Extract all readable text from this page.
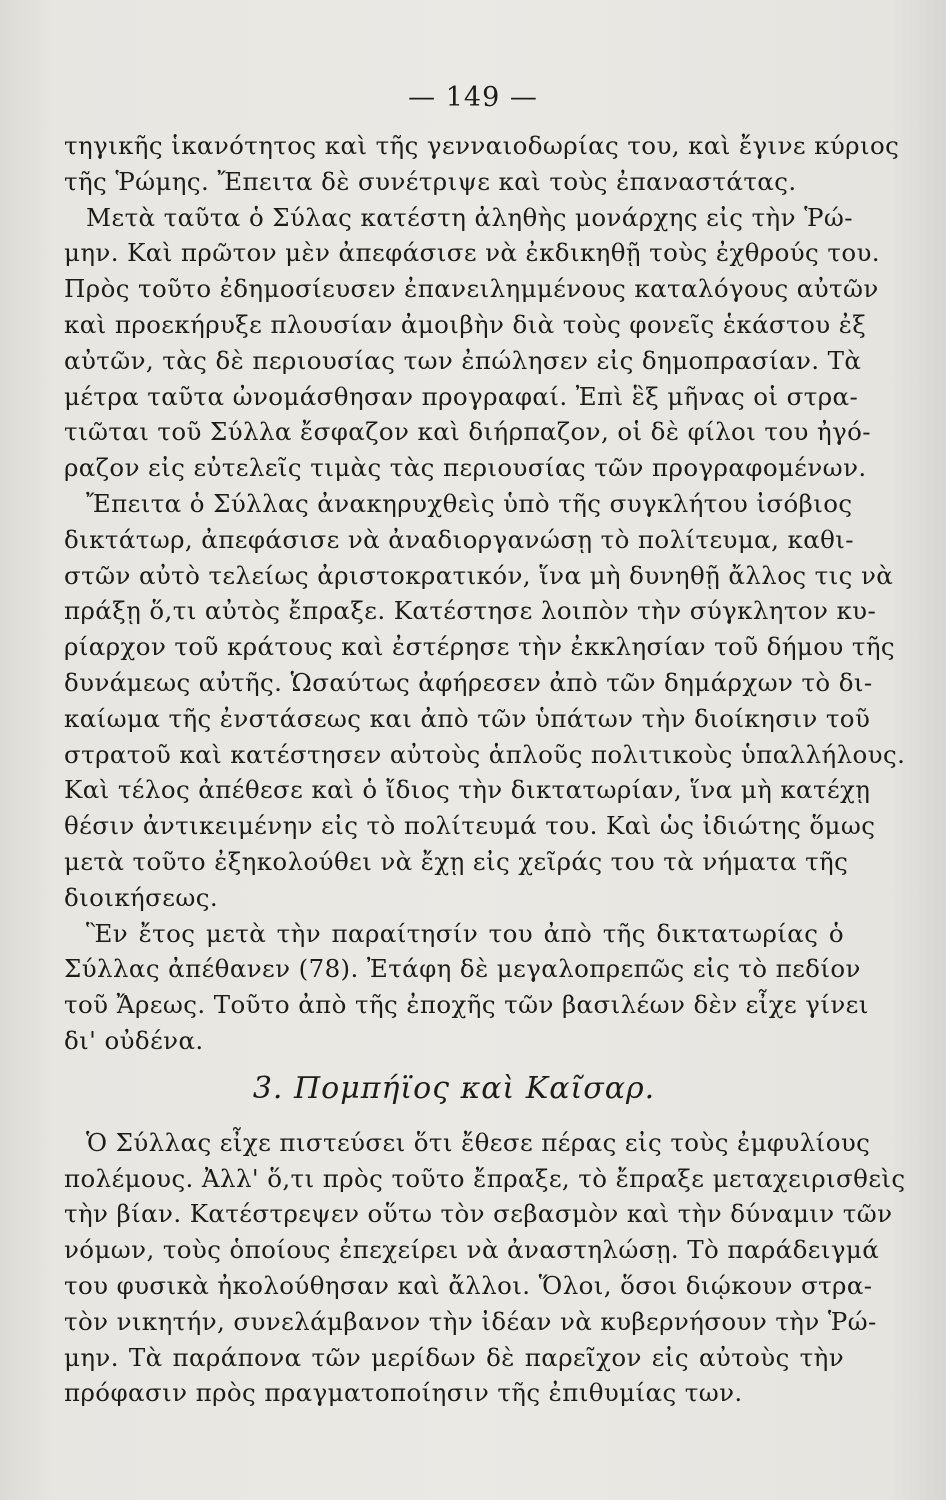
— 149 —
τηγικῆς ἱκανότητος καὶ τῆς γενναιοδωρίας του, καὶ ἔγινε κύριος
τῆς Ῥώμης. Ἔπειτα δὲ συνέτριψε καὶ τοὺς ἐπαναστάτας.
Μετὰ ταῦτα ὁ Σύλας κατέστη ἀληθὴς μονάρχης εἰς τὴν Ῥώ-
μην. Καὶ πρῶτον μὲν ἀπεφάσισε νὰ ἐκδικηθῇ τοὺς ἐχθρούς του.
Πρὸς τοῦτο ἐδημοσίευσεν ἐπανειλημμένους καταλόγους αὐτῶν
καὶ προεκήρυξε πλουσίαν ἀμοιβὴν διὰ τοὺς φονεῖς ἑκάστου ἐξ
αὐτῶν, τὰς δὲ περιουσίας των ἐπώλησεν εἰς δημοπρασίαν. Τὰ
μέτρα ταῦτα ὠνομάσθησαν προγραφαί. Ἐπὶ ἓξ μῆνας οἱ στρα-
τιῶται τοῦ Σύλλα ἔσφαζον καὶ διήρπαζον, οἱ δὲ φίλοι του ἠγό-
ραζον εἰς εὐτελεῖς τιμὰς τὰς περιουσίας τῶν προγραφομένων.
Ἔπειτα ὁ Σύλλας ἀνακηρυχθεὶς ὑπὸ τῆς συγκλήτου ἰσόβιος
δικτάτωρ, ἀπεφάσισε νὰ ἀναδιοργανώσῃ τὸ πολίτευμα, καθι-
στῶν αὐτὸ τελείως ἀριστοκρατικόν, ἵνα μὴ δυνηθῇ ἄλλος τις νὰ
πράξῃ ὅ,τι αὐτὸς ἔπραξε. Κατέστησε λοιπὸν τὴν σύγκλητον κυ-
ρίαρχον τοῦ κράτους καὶ ἐστέρησε τὴν ἐκκλησίαν τοῦ δήμου τῆς
δυνάμεως αὐτῆς. Ὡσαύτως ἀφήρεσεν ἀπὸ τῶν δημάρχων τὸ δι-
καίωμα τῆς ἐνστάσεως και ἀπὸ τῶν ὑπάτων τὴν διοίκησιν τοῦ
στρατοῦ καὶ κατέστησεν αὐτοὺς ἁπλοῦς πολιτικοὺς ὑπαλλήλους.
Καὶ τέλος ἀπέθεσε καὶ ὁ ἴδιος τὴν δικτατωρίαν, ἵνα μὴ κατέχῃ
θέσιν ἀντικειμένην εἰς τὸ πολίτευμά του. Καὶ ὡς ἰδιώτης ὅμως
μετὰ τοῦτο ἐξηκολούθει νὰ ἔχῃ εἰς χεῖράς του τὰ νήματα τῆς
διοικήσεως.
Ἓν ἔτος μετὰ τὴν παραίτησίν του ἀπὸ τῆς δικτατωρίας ὁ
Σύλλας ἀπέθανεν (78). Ἐτάφη δὲ μεγαλοπρεπῶς εἰς τὸ πεδίον
τοῦ Ἄρεως. Τοῦτο ἀπὸ τῆς ἐποχῆς τῶν βασιλέων δὲν εἶχε γίνει
δι' οὐδένα.
3. Πομπήϊος καὶ Καῖσαρ.
Ὁ Σύλλας εἶχε πιστεύσει ὅτι ἔθεσε πέρας εἰς τοὺς ἐμφυλίους
πολέμους. Ἀλλ' ὅ,τι πρὸς τοῦτο ἔπραξε, τὸ ἔπραξε μεταχειρισθεὶς
τὴν βίαν. Κατέστρεψεν οὕτω τὸν σεβασμὸν καὶ τὴν δύναμιν τῶν
νόμων, τοὺς ὁποίους ἐπεχείρει νὰ ἀναστηλώσῃ. Τὸ παράδειγμά
του φυσικὰ ἠκολούθησαν καὶ ἄλλοι. Ὅλοι, ὅσοι διῴκουν στρα-
τὸν νικητήν, συνελάμβανον τὴν ἰδέαν νὰ κυβερνήσουν τὴν Ῥώ-
μην. Τὰ παράπονα τῶν μερίδων δὲ παρεῖχον εἰς αὐτοὺς τὴν
πρόφασιν πρὸς πραγματοποίησιν τῆς ἐπιθυμίας των.
